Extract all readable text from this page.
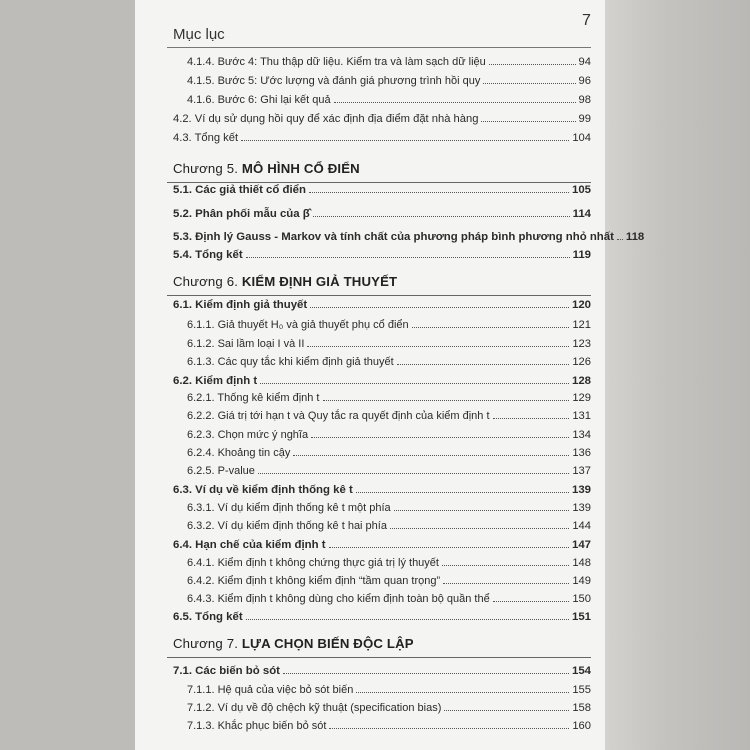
Mục lục
7
4.1.4. Bước 4: Thu thập dữ liệu. Kiểm tra và làm sạch dữ liệu	94
4.1.5. Bước 5: Ước lượng và đánh giá phương trình hồi quy	96
4.1.6. Bước 6: Ghi lại kết quả	98
4.2. Ví dụ sử dụng hồi quy để xác định địa điểm đặt nhà hàng	99
4.3. Tổng kết	104
Chương 5. MÔ HÌNH CỔ ĐIỂN
5.1. Các giả thiết cổ điển	105
5.2. Phân phối mẫu của β̂	114
5.3. Định lý Gauss - Markov và tính chất của phương pháp bình phương nhỏ nhất 118
5.4. Tổng kết	119
Chương 6. KIỂM ĐỊNH GIẢ THUYẾT
6.1. Kiểm định giả thuyết	120
6.1.1. Giả thuyết H₀ và giả thuyết phụ cổ điển	121
6.1.2. Sai lầm loại I và II	123
6.1.3. Các quy tắc khi kiểm định giả thuyết	126
6.2. Kiểm định t	128
6.2.1. Thống kê kiểm định t	129
6.2.2. Giá trị tới hạn t và Quy tắc ra quyết định của kiểm định t	131
6.2.3. Chọn mức ý nghĩa	134
6.2.4. Khoảng tin cậy	136
6.2.5. P-value	137
6.3. Ví dụ về kiểm định thống kê t	139
6.3.1. Ví dụ kiểm định thống kê t một phía	139
6.3.2. Ví dụ kiểm định thống kê t hai phía	144
6.4. Hạn chế của kiểm định t	147
6.4.1. Kiểm định t không chứng thực giá trị lý thuyết	148
6.4.2. Kiểm định t không kiểm định “tầm quan trọng”	149
6.4.3. Kiểm định t không dùng cho kiểm định toàn bộ quần thể	150
6.5. Tổng kết	151
Chương 7. LỰA CHỌN BIẾN ĐỘC LẬP
7.1. Các biến bỏ sót	154
7.1.1. Hệ quả của việc bỏ sót biến	155
7.1.2. Ví dụ về độ chệch kỹ thuật (specification bias)	158
7.1.3. Khắc phục biến bỏ sót	160
